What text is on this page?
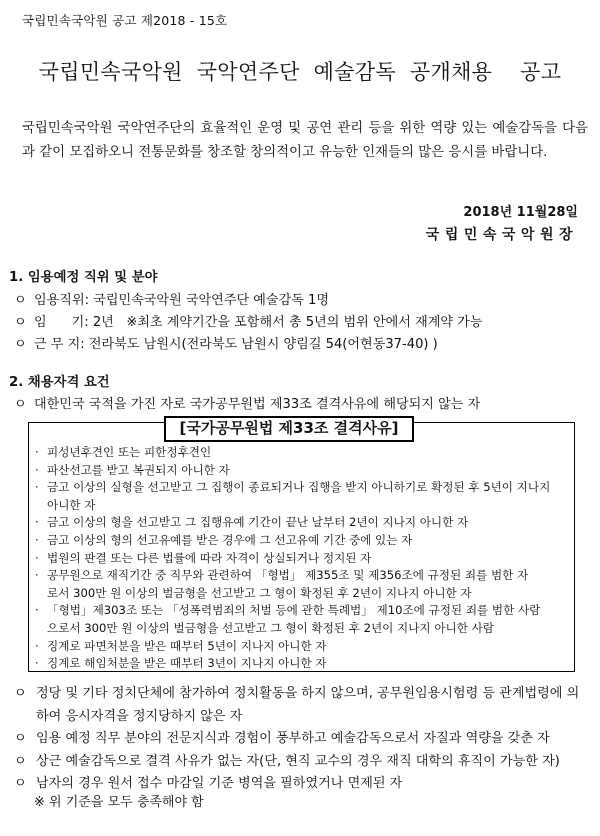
국립민속국악원 공고 제2018 - 15호
국립민속국악원  국악연주단  예술감독  공개채용    공고
국립민속국악원 국악연주단의 효율적인 운영 및 공연 관리 등을 위한 역량 있는 예술감독을 다음과 같이 모집하오니 전통문화를 창조할 창의적이고 유능한 인재들의 많은 응시를 바랍니다.
2018년 11월28일
국립민속국악원장
1. 임용예정 직위 및 분야
ㅇ 임용직위: 국립민속국악원 국악연주단 예술감독 1명
ㅇ 임      기: 2년   ※최초 계약기간을 포함해서 총 5년의 범위 안에서 재계약 가능
ㅇ 근 무 지: 전라북도 남원시(전라북도 남원시 양림길 54(어현동37-40) )
2. 채용자격 요건
ㅇ 대한민국 국적을 가진 자로 국가공무원법 제33조 결격사유에 해당되지 않는 자
[국가공무원법 제33조 결격사유]
· 피성년후견인 또는 피한정후견인
· 파산선고를 받고 복권되지 아니한 자
· 금고 이상의 실형을 선고받고 그 집행이 종료되거나 집행을 받지 아니하기로 확정된 후 5년이 지나지
아니한 자
· 금고 이상의 형을 선고받고 그 집행유예 기간이 끝난 날부터 2년이 지나지 아니한 자
· 금고 이상의 형의 선고유예를 받은 경우에 그 선고유예 기간 중에 있는 자
· 법원의 판결 또는 다른 법률에 따라 자격이 상실되거나 정지된 자
· 공무원으로 재직기간 중 직무와 관련하여 「형법」 제355조 및 제356조에 규정된 죄를 범한 자
로서 300만 원 이상의 벌금형을 선고받고 그 형이 확정된 후 2년이 지나지 아니한 자
· 「형법」제303조 또는 「성폭력범죄의 처벌 등에 관한 특례법」 제10조에 규정된 죄를 범한 사람
으로서 300만 원 이상의 벌금형을 선고받고 그 형이 확정된 후 2년이 지나지 아니한 사람
· 징계로 파면처분을 받은 때부터 5년이 지나지 아니한 자
· 징계로 해임처분을 받은 때부터 3년이 지나지 아니한 자
ㅇ 정당 및 기타 정치단체에 참가하여 정치활동을 하지 않으며, 공무원임용시험령 등 관계법령에 의하여 응시자격을 정지당하지 않은 자
ㅇ 임용 예정 직무 분야의 전문지식과 경험이 풍부하고 예술감독으로서 자질과 역량을 갖춘 자
ㅇ 상근 예술감독으로 결격 사유가 없는 자(단, 현직 교수의 경우 재직 대학의 휴직이 가능한 자)
ㅇ 남자의 경우 원서 접수 마감일 기준 병역을 필하였거나 면제된 자
※ 위 기준을 모두 충족해야 함
